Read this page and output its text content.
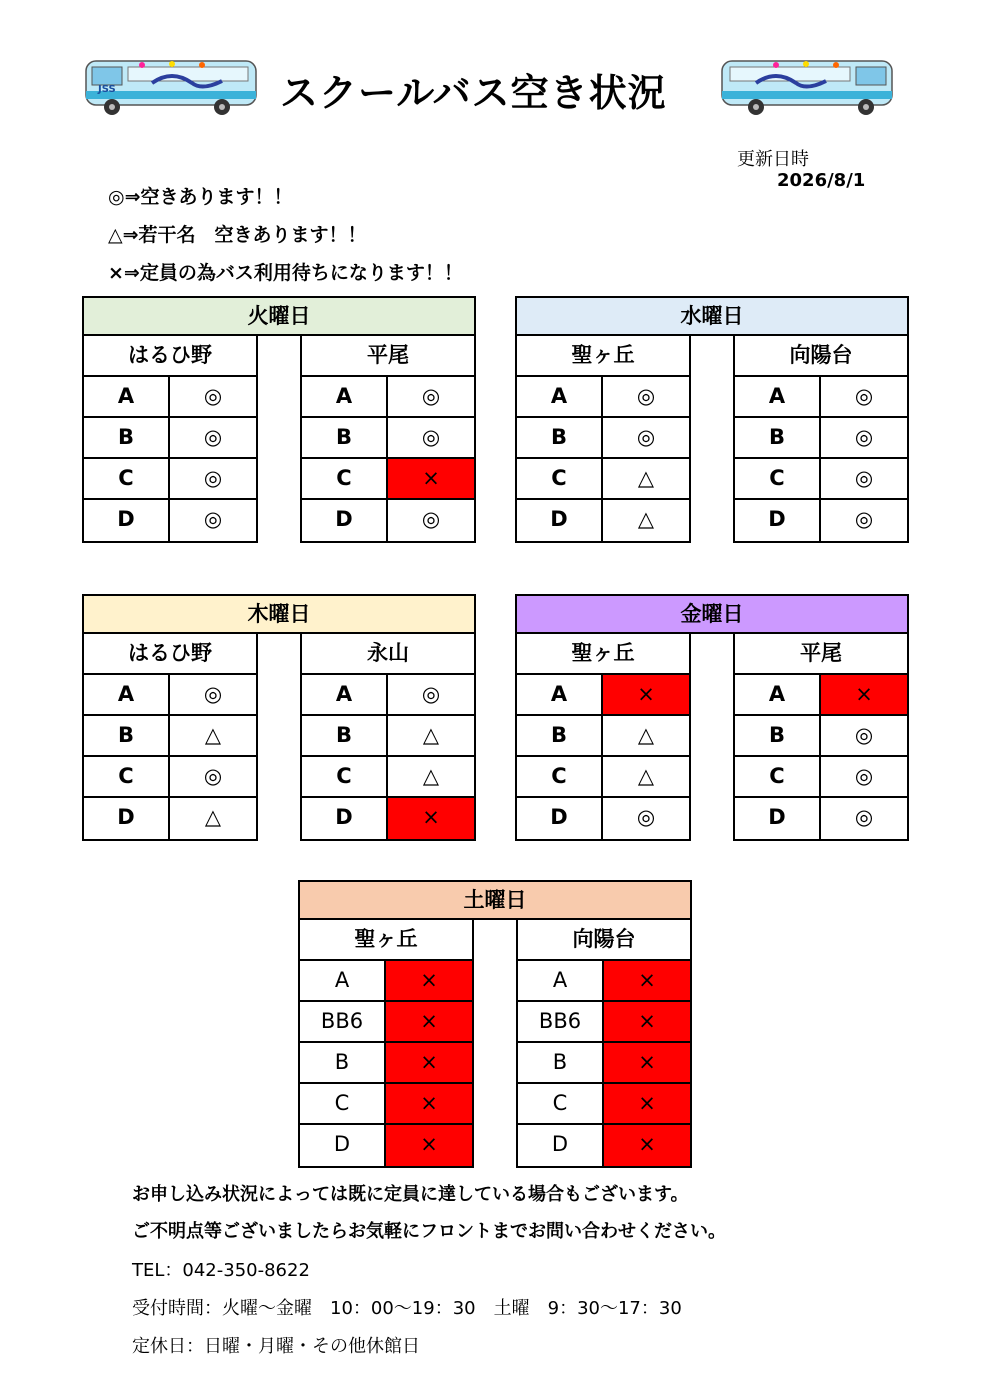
JSS	スクールバス空き状況
更新日時
2026/8/1
◎⇒空きあります！！
△⇒若干名　空きあります！！
×⇒定員の為バス利用待ちになります！！
火曜日
はるひ野
A	◎
B	◎
C	◎
D	◎
平尾
A	◎
B	◎
C	×
D	◎
水曜日
聖ヶ丘
A	◎
B	◎
C	△
D	△
向陽台
A	◎
B	◎
C	◎
D	◎
木曜日
はるひ野
A	◎
B	△
C	◎
D	△
永山
A	◎
B	△
C	△
D	×
金曜日
聖ヶ丘
A	×
B	△
C	△
D	◎
平尾
A	×
B	◎
C	◎
D	◎
土曜日
聖ヶ丘
A	×
BB6	×
B	×
C	×
D	×
向陽台
A	×
BB6	×
B	×
C	×
D	×
お申し込み状況によっては既に定員に達している場合もございます。
ご不明点等ございましたらお気軽にフロントまでお問い合わせください。
TEL：042-350-8622
受付時間：火曜～金曜　10：00～19：30　土曜　9：30～17：30
定休日：日曜・月曜・その他休館日
